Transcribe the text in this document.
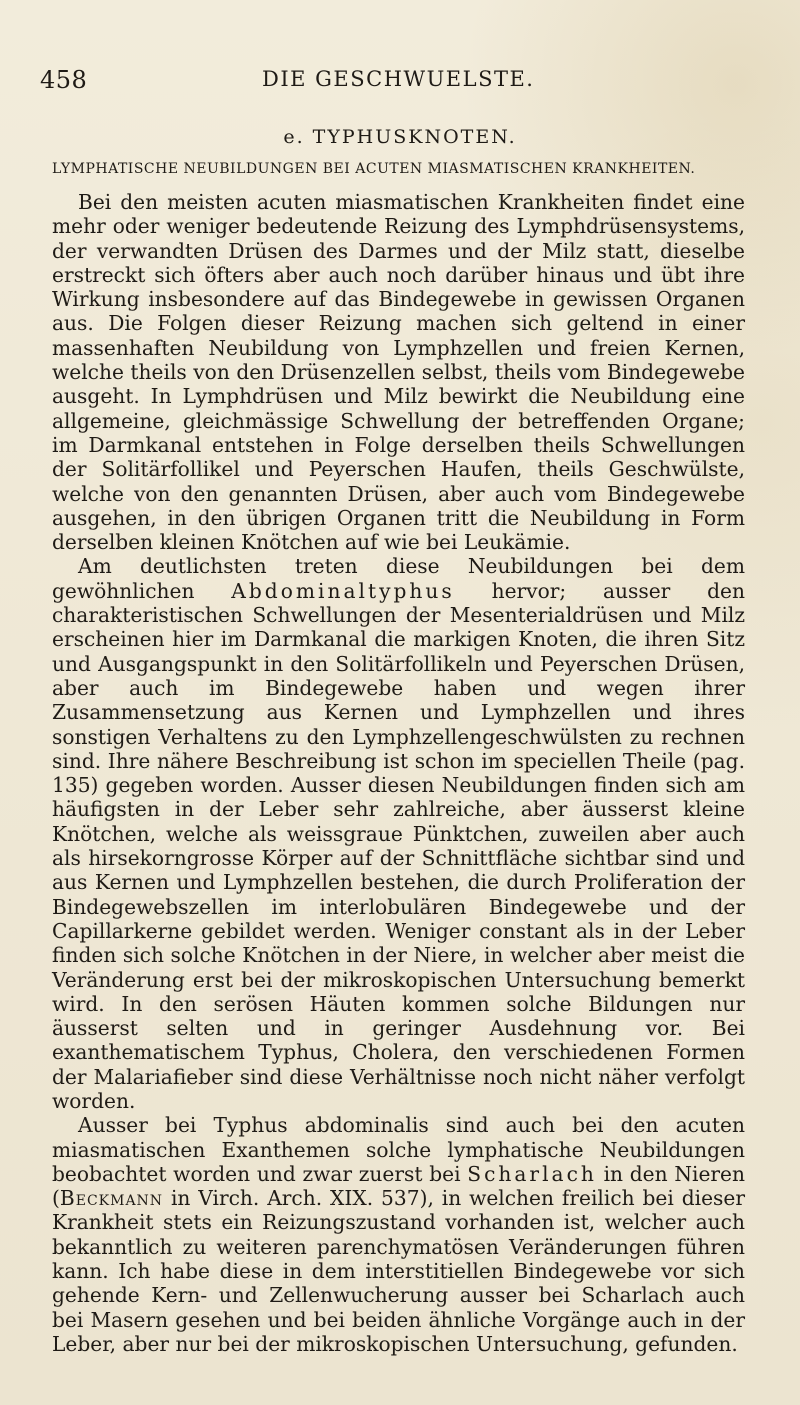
458	DIE GESCHWUELSTE.
e. TYPHUSKNOTEN.
LYMPHATISCHE NEUBILDUNGEN BEI ACUTEN MIASMATISCHEN KRANKHEITEN.

Bei den meisten acuten miasmatischen Krankheiten findet eine mehr oder weniger bedeutende Reizung des Lymphdrüsensystems, der verwandten Drüsen des Darmes und der Milz statt, dieselbe erstreckt sich öfters aber auch noch darüber hinaus und übt ihre Wirkung insbesondere auf das Bindegewebe in gewissen Organen aus. Die Folgen dieser Reizung machen sich geltend in einer massenhaften Neubildung von Lymphzellen und freien Kernen, welche theils von den Drüsenzellen selbst, theils vom Bindegewebe ausgeht. In Lymphdrüsen und Milz bewirkt die Neubildung eine allgemeine, gleichmässige Schwellung der betreffenden Organe; im Darmkanal entstehen in Folge derselben theils Schwellungen der Solitärfollikel und Peyerschen Haufen, theils Geschwülste, welche von den genannten Drüsen, aber auch vom Bindegewebe ausgehen, in den übrigen Organen tritt die Neubildung in Form derselben kleinen Knötchen auf wie bei Leukämie.

Am deutlichsten treten diese Neubildungen bei dem gewöhnlichen Abdominaltyphus hervor; ausser den charakteristischen Schwellungen der Mesenterialdrüsen und Milz erscheinen hier im Darmkanal die markigen Knoten, die ihren Sitz und Ausgangspunkt in den Solitärfollikeln und Peyerschen Drüsen, aber auch im Bindegewebe haben und wegen ihrer Zusammensetzung aus Kernen und Lymphzellen und ihres sonstigen Verhaltens zu den Lymphzellengeschwülsten zu rechnen sind. Ihre nähere Beschreibung ist schon im speciellen Theile (pag. 135) gegeben worden. Ausser diesen Neubildungen finden sich am häufigsten in der Leber sehr zahlreiche, aber äusserst kleine Knötchen, welche als weissgraue Pünktchen, zuweilen aber auch als hirsekorngrosse Körper auf der Schnittfläche sichtbar sind und aus Kernen und Lymphzellen bestehen, die durch Proliferation der Bindegewebszellen im interlobulären Bindegewebe und der Capillarkerne gebildet werden. Weniger constant als in der Leber finden sich solche Knötchen in der Niere, in welcher aber meist die Veränderung erst bei der mikroskopischen Untersuchung bemerkt wird. In den serösen Häuten kommen solche Bildungen nur äusserst selten und in geringer Ausdehnung vor. Bei exanthematischem Typhus, Cholera, den verschiedenen Formen der Malariafieber sind diese Verhältnisse noch nicht näher verfolgt worden.

Ausser bei Typhus abdominalis sind auch bei den acuten miasmatischen Exanthemen solche lymphatische Neubildungen beobachtet worden und zwar zuerst bei Scharlach in den Nieren (Beckmann in Virch. Arch. XIX. 537), in welchen freilich bei dieser Krankheit stets ein Reizungszustand vorhanden ist, welcher auch bekanntlich zu weiteren parenchymatösen Veränderungen führen kann. Ich habe diese in dem interstitiellen Bindegewebe vor sich gehende Kern- und Zellenwucherung ausser bei Scharlach auch bei Masern gesehen und bei beiden ähnliche Vorgänge auch in der Leber, aber nur bei der mikroskopischen Untersuchung, gefunden.
